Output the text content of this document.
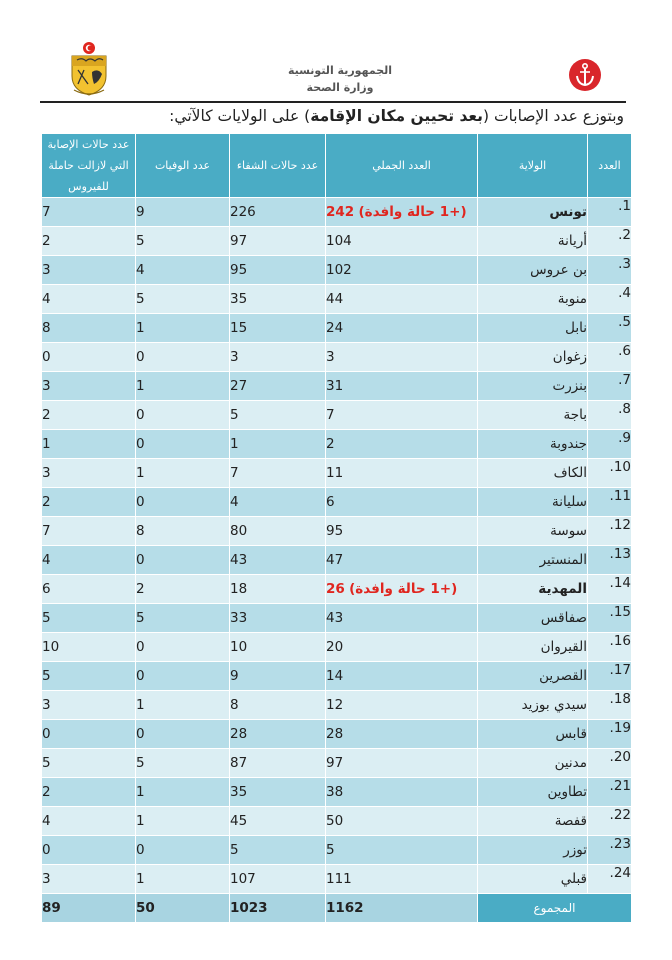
الجمهورية التونسية
وزارة الصحة
وبتوزع عدد الإصابات (بعد تحيين مكان الإقامة) على الولايات كالآتي:
العدد	الولاية	العدد الجملي	عدد حالات الشفاء	عدد الوفيات	عدد حالات الإصابة التي لازالت حاملة للفيروس
1.	تونس	(+1 حالة وافدة) 242	226	9	7
2.	أريانة	104	97	5	2
3.	بن عروس	102	95	4	3
4.	منوبة	44	35	5	4
5.	نابل	24	15	1	8
6.	زغوان	3	3	0	0
7.	بنزرت	31	27	1	3
8.	باجة	7	5	0	2
9.	جندوبة	2	1	0	1
10.	الكاف	11	7	1	3
11.	سليانة	6	4	0	2
12.	سوسة	95	80	8	7
13.	المنستير	47	43	0	4
14.	المهدية	(+1 حالة وافدة) 26	18	2	6
15.	صفاقس	43	33	5	5
16.	القيروان	20	10	0	10
17.	القصرين	14	9	0	5
18.	سيدي بوزيد	12	8	1	3
19.	قابس	28	28	0	0
20.	مدنين	97	87	5	5
21.	تطاوين	38	35	1	2
22.	قفصة	50	45	1	4
23.	توزر	5	5	0	0
24.	قبلي	111	107	1	3
المجموع		1162	1023	50	89
